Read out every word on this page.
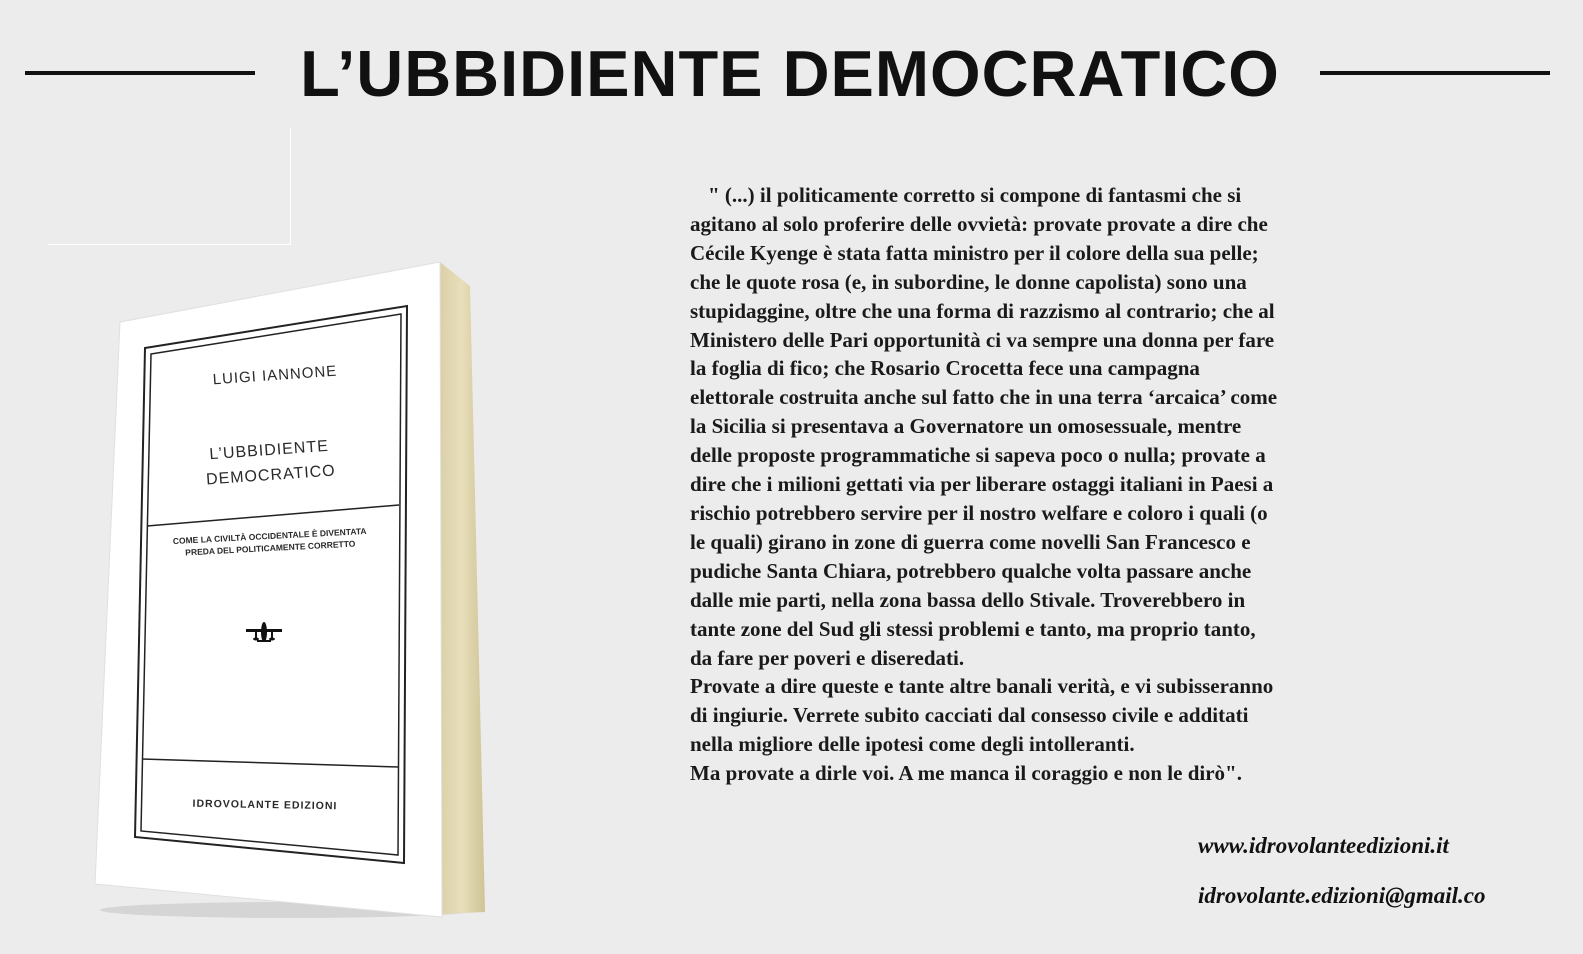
L’UBBIDIENTE DEMOCRATICO
LUIGI IANNONE
L’UBBIDIENTE DEMOCRATICO
COME LA CIVILTÀ OCCIDENTALE È DIVENTATA PREDA DEL POLITICAMENTE CORRETTO
IDROVOLANTE EDIZIONI
" (...) il politicamente corretto si compone di fantasmi che si
agitano al solo proferire delle ovvietà: provate provate a dire che
Cécile Kyenge è stata fatta ministro per il colore della sua pelle;
che le quote rosa (e, in subordine, le donne capolista) sono una
stupidaggine, oltre che una forma di razzismo al contrario; che al
Ministero delle Pari opportunità ci va sempre una donna per fare
la foglia di fico; che Rosario Crocetta fece una campagna
elettorale costruita anche sul fatto che in una terra ‘arcaica’ come
la Sicilia si presentava a Governatore un omosessuale, mentre
delle proposte programmatiche si sapeva poco o nulla; provate a
dire che i milioni gettati via per liberare ostaggi italiani in Paesi a
rischio potrebbero servire per il nostro welfare e coloro i quali (o
le quali) girano in zone di guerra come novelli San Francesco e
pudiche Santa Chiara, potrebbero qualche volta passare anche
dalle mie parti, nella zona bassa dello Stivale. Troverebbero in
tante zone del Sud gli stessi problemi e tanto, ma proprio tanto,
da fare per poveri e diseredati.
Provate a dire queste e tante altre banali verità, e vi subisseranno
di ingiurie. Verrete subito cacciati dal consesso civile e additati
nella migliore delle ipotesi come degli intolleranti.
Ma provate a dirle voi. A me manca il coraggio e non le dirò".
www.idrovolanteedizioni.it
idrovolante.edizioni@gmail.co
